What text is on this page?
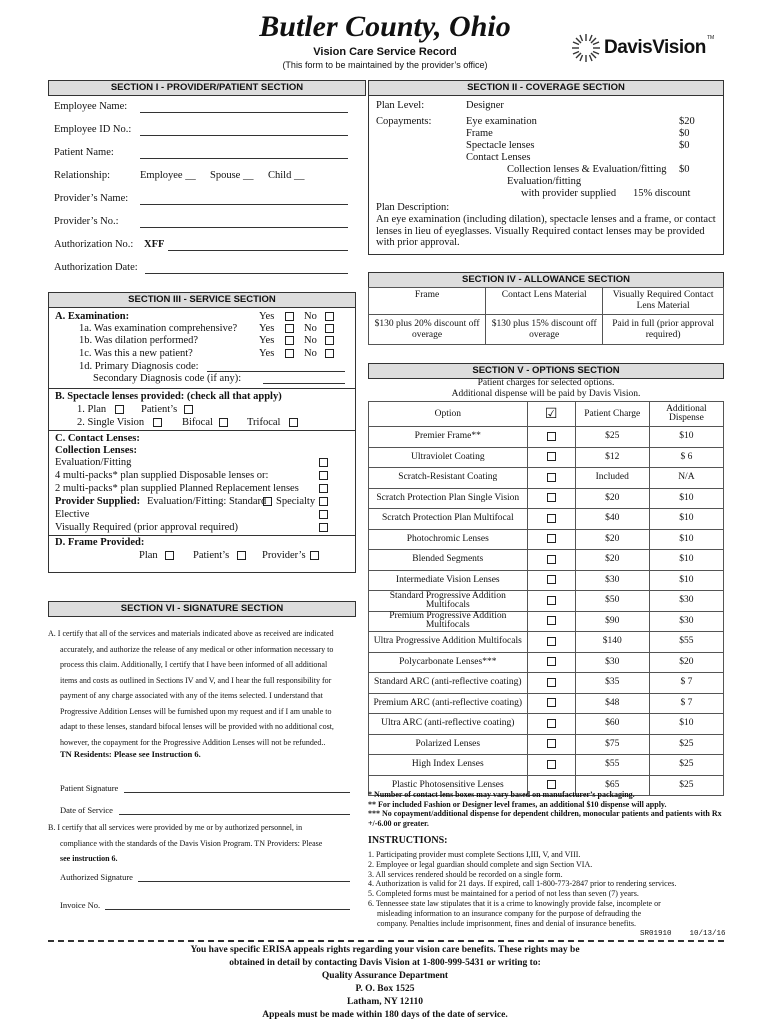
Butler County, Ohio
Vision Care Service Record
(This form to be maintained by the provider’s office)
DavisVision TM
SECTION I - PROVIDER/PATIENT SECTION
Employee Name:
Employee ID No.:
Patient Name:
Relationship:	Employee __ Spouse __ Child __
Provider’s Name:
Provider’s No.:
Authorization No.: XFF
Authorization Date:
SECTION II - COVERAGE SECTION
Plan Level:	Designer
Copayments:	Eye examination	$20
Frame	$0
Spectacle lenses	$0
Contact Lenses
Collection lenses & Evaluation/fitting $0
Evaluation/fitting
with provider supplied 15% discount
Plan Description:
An eye examination (including dilation), spectacle lenses and a frame, or contact lenses in lieu of eyeglasses. Visually Required contact lenses may be provided with prior approval.
SECTION III - SERVICE SECTION
A. Examination:	Yes	No
1a. Was examination comprehensive? Yes	No
1b. Was dilation performed?	Yes	No
1c. Was this a new patient?	Yes	No
1d. Primary Diagnosis code:
Secondary Diagnosis code (if any):
B. Spectacle lenses provided: (check all that apply)
1. Plan	Patient’s
2. Single Vision	Bifocal	Trifocal
C. Contact Lenses:
Collection Lenses:
Evaluation/Fitting
4 multi-packs* plan supplied Disposable lenses or:
2 multi-packs* plan supplied Planned Replacement lenses
Provider Supplied: Evaluation/Fitting: Standard Specialty
Elective
Visually Required (prior approval required)
D. Frame Provided:
Plan	Patient’s	Provider’s
SECTION IV - ALLOWANCE SECTION
Frame	Contact Lens Material	Visually Required Contact Lens Material
$130 plus 20% discount off overage	$130 plus 15% discount off overage	Paid in full (prior approval required)
SECTION V - OPTIONS SECTION
Patient charges for selected options.
Additional dispense will be paid by Davis Vision.
Option	☑	Patient Charge	Additional Dispense
Premier Frame**		$25	$10
Ultraviolet Coating		$12	$ 6
Scratch-Resistant Coating		Included	N/A
Scratch Protection Plan Single Vision		$20	$10
Scratch Protection Plan Multifocal		$40	$10
Photochromic Lenses		$20	$10
Blended Segments		$20	$10
Intermediate Vision Lenses		$30	$10
Standard Progressive Addition Multifocals		$50	$30
Premium Progressive Addition Multifocals		$90	$30
Ultra Progressive Addition Multifocals		$140	$55
Polycarbonate Lenses***		$30	$20
Standard ARC (anti-reflective coating)		$35	$ 7
Premium ARC (anti-reflective coating)		$48	$ 7
Ultra ARC (anti-reflective coating)		$60	$10
Polarized Lenses		$75	$25
High Index Lenses		$55	$25
Plastic Photosensitive Lenses		$65	$25
* Number of contact lens boxes may vary based on manufacturer’s packaging.
** For included Fashion or Designer level frames, an additional $10 dispense will apply.
*** No copayment/additional dispense for dependent children, monocular patients and patients with Rx +/-6.00 or greater.
SECTION VI - SIGNATURE SECTION
A. I certify that all of the services and materials indicated above as received are indicated
accurately, and authorize the release of any medical or other information necessary to
process this claim. Additionally, I certify that I have been informed of all additional
items and costs as outlined in Sections IV and V, and I hear the full responsibility for
payment of any charge associated with any of the items selected. I understand that
Progressive Addition Lenses will be furnished upon my request and if I am unable to
adapt to these lenses, standard bifocal lenses will be provided with no additional cost,
however, the copayment for the Progressive Addition Lenses will not be refunded..
TN Residents: Please see Instruction 6.
Patient Signature
Date of Service
B. I certify that all services were provided by me or by authorized personnel, in
compliance with the standards of the Davis Vision Program. TN Providers: Please
see instruction 6.
Authorized Signature
Invoice No.
INSTRUCTIONS:
1. Participating provider must complete Sections I,III, V, and VIII.
2. Employee or legal guardian should complete and sign Section VIA.
3. All services rendered should be recorded on a single form.
4. Authorization is valid for 21 days. If expired, call 1-800-773-2847 prior to rendering services.
5. Completed forms must be maintained for a period of not less than seven (7) years.
6. Tennessee state law stipulates that it is a crime to knowingly provide false, incomplete or
misleading information to an insurance company for the purpose of defrauding the
company. Penalties include imprisonment, fines and denial of insurance benefits.
SR01910    10/13/16
You have specific ERISA appeals rights regarding your vision care benefits. These rights may be
obtained in detail by contacting Davis Vision at 1-800-999-5431 or writing to:
Quality Assurance Department
P. O. Box 1525
Latham, NY 12110
Appeals must be made within 180 days of the date of service.
